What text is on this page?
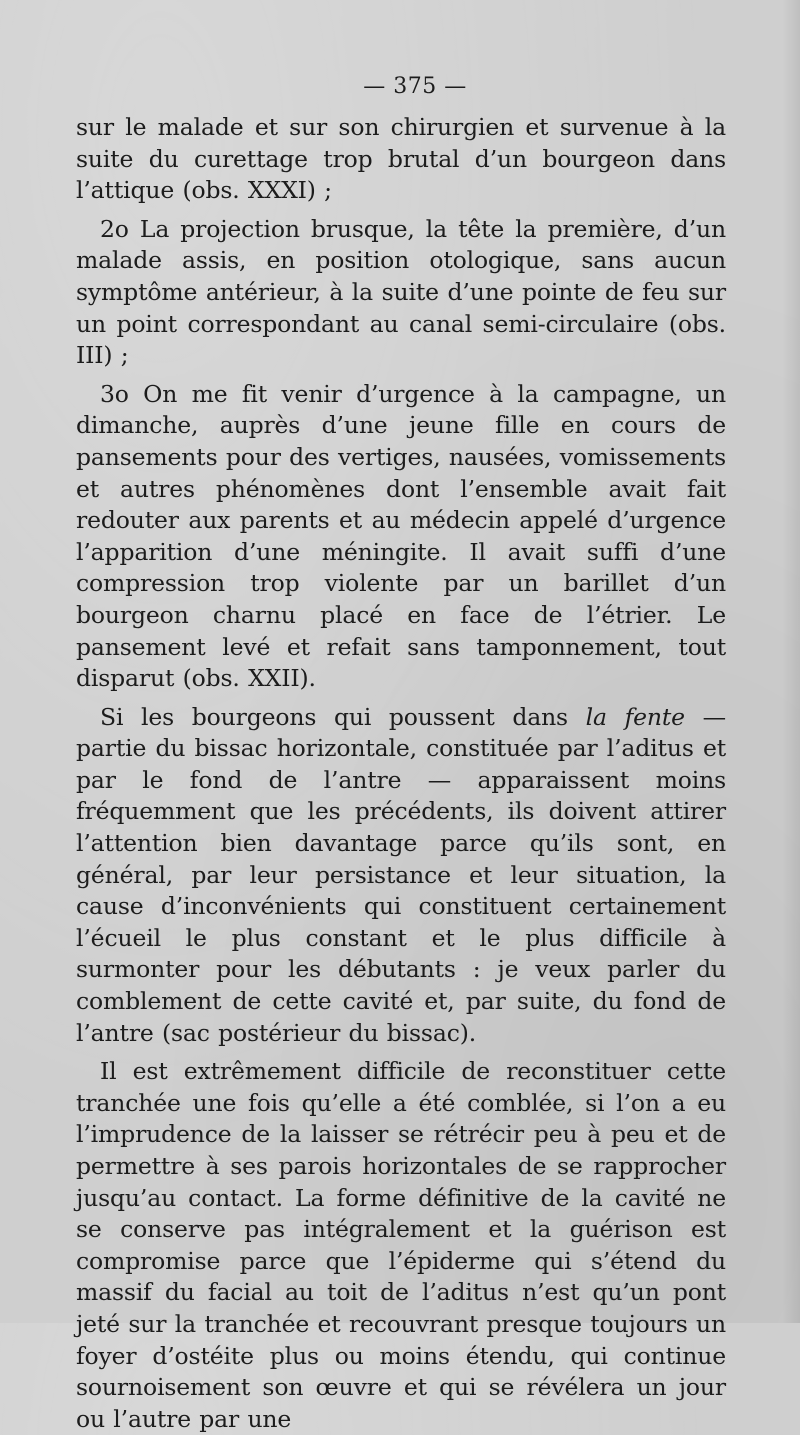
— 375 —

sur le malade et sur son chirurgien et survenue à la suite du curettage trop brutal d’un bourgeon dans l’attique (obs. XXXI) ;

2o La projection brusque, la tête la première, d’un malade assis, en position otologique, sans aucun symptôme antérieur, à la suite d’une pointe de feu sur un point correspondant au canal semi-circulaire (obs. III) ;

3o On me fit venir d’urgence à la campagne, un dimanche, auprès d’une jeune fille en cours de pansements pour des vertiges, nausées, vomissements et autres phénomènes dont l’ensemble avait fait redouter aux parents et au médecin appelé d’urgence l’apparition d’une méningite. Il avait suffi d’une compression trop violente par un barillet d’un bourgeon charnu placé en face de l’étrier. Le pansement levé et refait sans tamponnement, tout disparut (obs. XXII).

Si les bourgeons qui poussent dans la fente — partie du bissac horizontale, constituée par l’aditus et par le fond de l’antre — apparaissent moins fréquemment que les précédents, ils doivent attirer l’attention bien davantage parce qu’ils sont, en général, par leur persistance et leur situation, la cause d’inconvénients qui constituent certainement l’écueil le plus constant et le plus difficile à surmonter pour les débutants : je veux parler du comblement de cette cavité et, par suite, du fond de l’antre (sac postérieur du bissac).

Il est extrêmement difficile de reconstituer cette tranchée une fois qu’elle a été comblée, si l’on a eu l’imprudence de la laisser se rétrécir peu à peu et de permettre à ses parois horizontales de se rapprocher jusqu’au contact. La forme définitive de la cavité ne se conserve pas intégralement et la guérison est compromise parce que l’épiderme qui s’étend du massif du facial au toit de l’aditus n’est qu’un pont jeté sur la tranchée et recouvrant presque toujours un foyer d’ostéite plus ou moins étendu, qui continue sournoisement son œuvre et qui se révélera un jour ou l’autre par une
